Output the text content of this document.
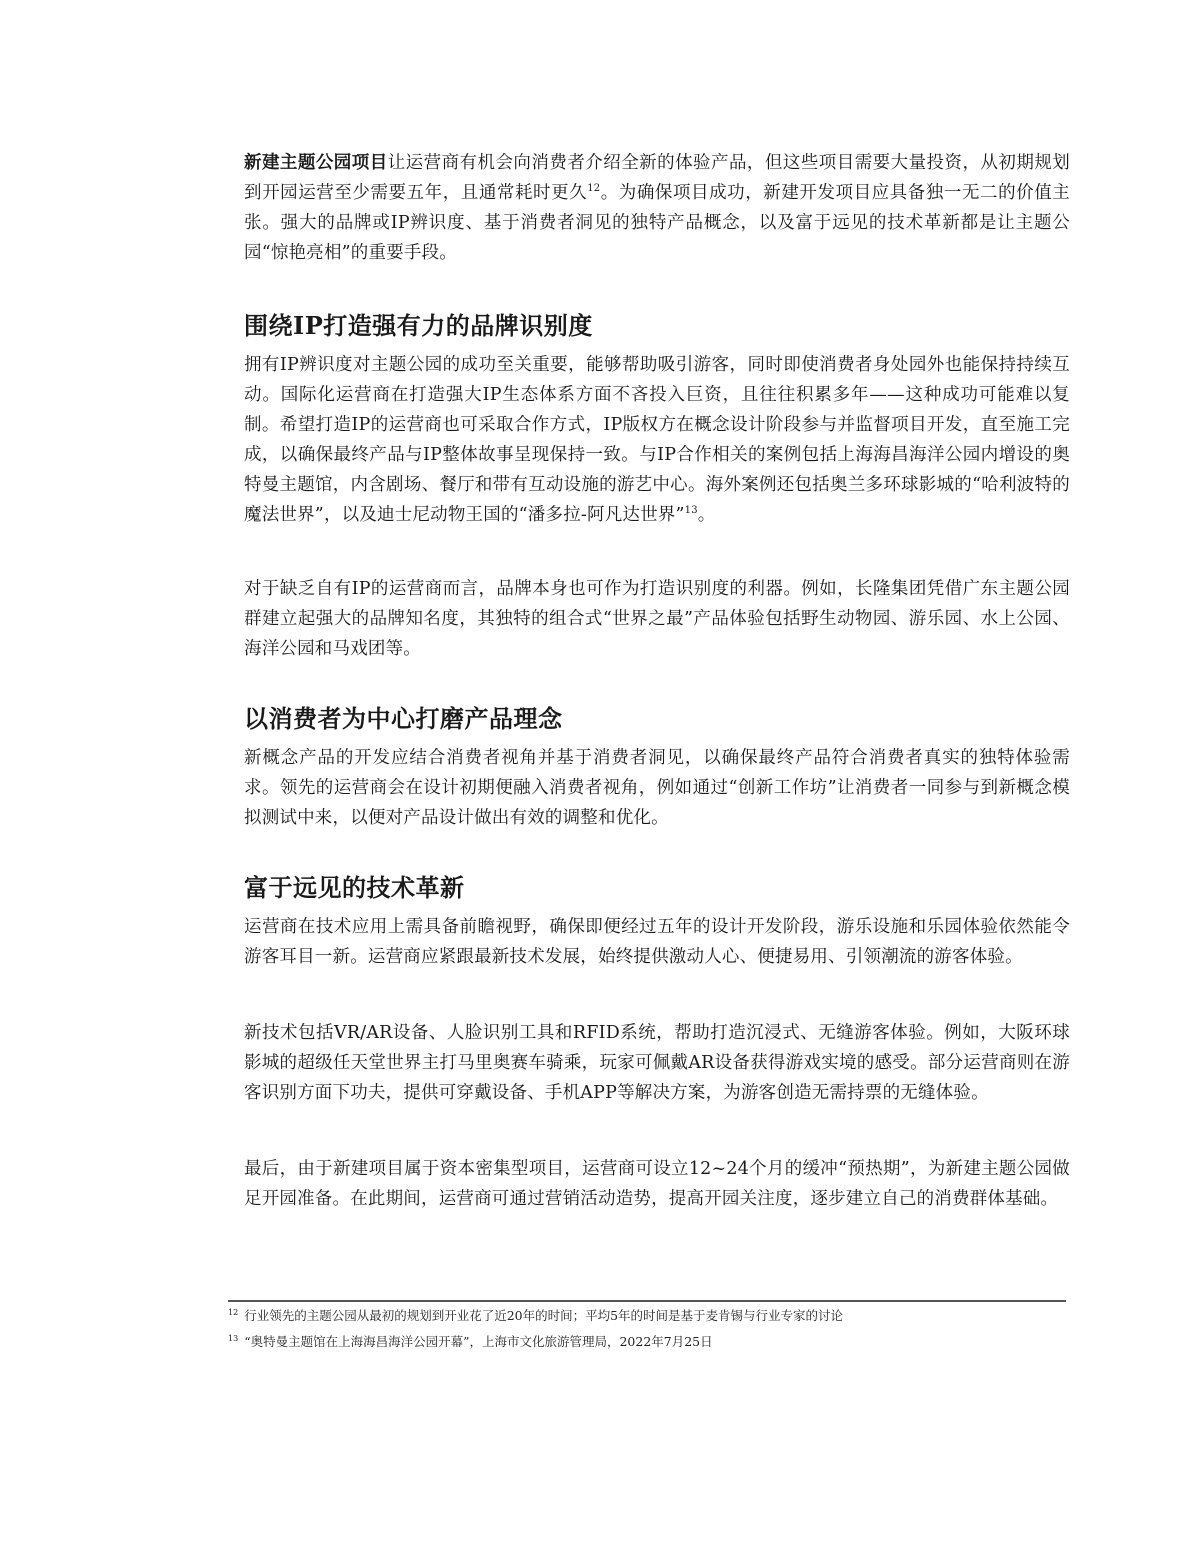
新建主题公园项目让运营商有机会向消费者介绍全新的体验产品，但这些项目需要大量投资，从初期规划到开园运营至少需要五年，且通常耗时更久$^{12}$。为确保项目成功，新建开发项目应具备独一无二的价值主张。强大的品牌或IP辨识度、基于消费者洞见的独特产品概念，以及富于远见的技术革新都是让主题公园“惊艳亮相”的重要手段。

围绕IP打造强有力的品牌识别度

拥有IP辨识度对主题公园的成功至关重要，能够帮助吸引游客，同时即使消费者身处园外也能保持持续互动。国际化运营商在打造强大IP生态体系方面不吝投入巨资，且往往积累多年——这种成功可能难以复制。希望打造IP的运营商也可采取合作方式，IP版权方在概念设计阶段参与并监督项目开发，直至施工完成，以确保最终产品与IP整体故事呈现保持一致。与IP合作相关的案例包括上海海昌海洋公园内增设的奥特曼主题馆，内含剧场、餐厅和带有互动设施的游艺中心。海外案例还包括奥兰多环球影城的“哈利波特的魔法世界”，以及迪士尼动物王国的“潘多拉-阿凡达世界”$^{13}$。

对于缺乏自有IP的运营商而言，品牌本身也可作为打造识别度的利器。例如，长隆集团凭借广东主题公园群建立起强大的品牌知名度，其独特的组合式“世界之最”产品体验包括野生动物园、游乐园、水上公园、海洋公园和马戏团等。

以消费者为中心打磨产品理念

新概念产品的开发应结合消费者视角并基于消费者洞见，以确保最终产品符合消费者真实的独特体验需求。领先的运营商会在设计初期便融入消费者视角，例如通过“创新工作坊”让消费者一同参与到新概念模拟测试中来，以便对产品设计做出有效的调整和优化。

富于远见的技术革新

运营商在技术应用上需具备前瞻视野，确保即便经过五年的设计开发阶段，游乐设施和乐园体验依然能令游客耳目一新。运营商应紧跟最新技术发展，始终提供激动人心、便捷易用、引领潮流的游客体验。

新技术包括VR/AR设备、人脸识别工具和RFID系统，帮助打造沉浸式、无缝游客体验。例如，大阪环球影城的超级任天堂世界主打马里奥赛车骑乘，玩家可佩戴AR设备获得游戏实境的感受。部分运营商则在游客识别方面下功夫，提供可穿戴设备、手机APP等解决方案，为游客创造无需持票的无缝体验。

最后，由于新建项目属于资本密集型项目，运营商可设立12~24个月的缓冲“预热期”，为新建主题公园做足开园准备。在此期间，运营商可通过营销活动造势，提高开园关注度，逐步建立自己的消费群体基础。

$^{12}$ 行业领先的主题公园从最初的规划到开业花了近20年的时间；平均5年的时间是基于麦肯锡与行业专家的讨论

$^{13}$ “奥特曼主题馆在上海海昌海洋公园开幕”，上海市文化旅游管理局，2022年7月25日
